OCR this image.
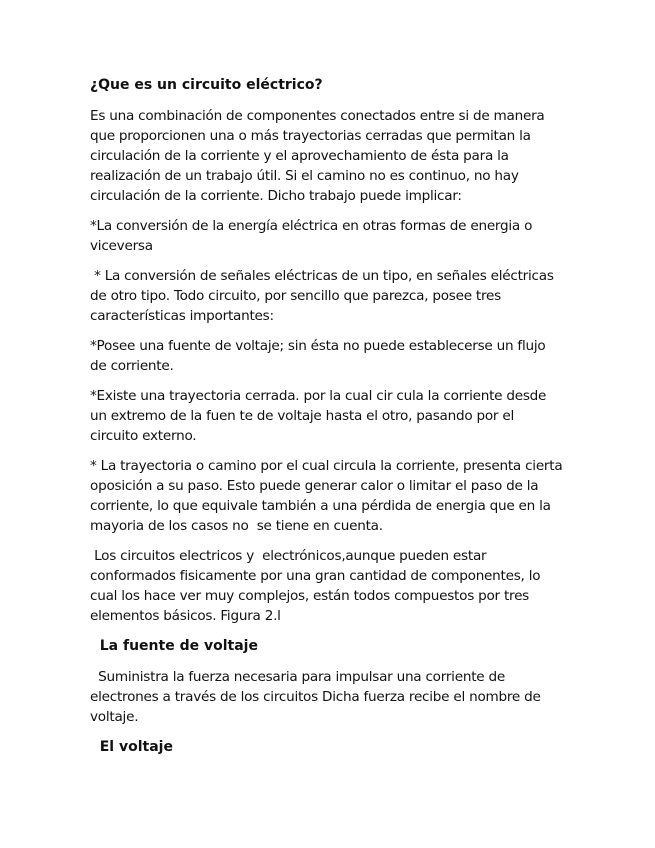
¿Que es un circuito eléctrico?
Es una combinación de componentes conectados entre si de manera
que proporcionen una o más trayectorias cerradas que permitan la
circulación de la corriente y el aprovechamiento de ésta para la
realización de un trabajo útil. Si el camino no es continuo, no hay
circulación de la corriente. Dicho trabajo puede implicar:
*La conversión de la energía eléctrica en otras formas de energia o
viceversa
* La conversión de señales eléctricas de un tipo, en señales eléctricas
de otro tipo. Todo circuito, por sencillo que parezca, posee tres
características importantes:
*Posee una fuente de voltaje; sin ésta no puede establecerse un flujo
de corriente.
*Existe una trayectoria cerrada. por la cual cir cula la corriente desde
un extremo de la fuen te de voltaje hasta el otro, pasando por el
circuito externo.
* La trayectoria o camino por el cual circula la corriente, presenta cierta
oposición a su paso. Esto puede generar calor o limitar el paso de la
corriente, lo que equivale también a una pérdida de energia que en la
mayoria de los casos no  se tiene en cuenta.
Los circuitos electricos y  electrónicos,aunque pueden estar
conformados fisicamente por una gran cantidad de componentes, lo
cual los hace ver muy complejos, están todos compuestos por tres
elementos básicos. Figura 2.l
La fuente de voltaje
Suministra la fuerza necesaria para impulsar una corriente de
electrones a través de los circuitos Dicha fuerza recibe el nombre de
voltaje.
El voltaje
